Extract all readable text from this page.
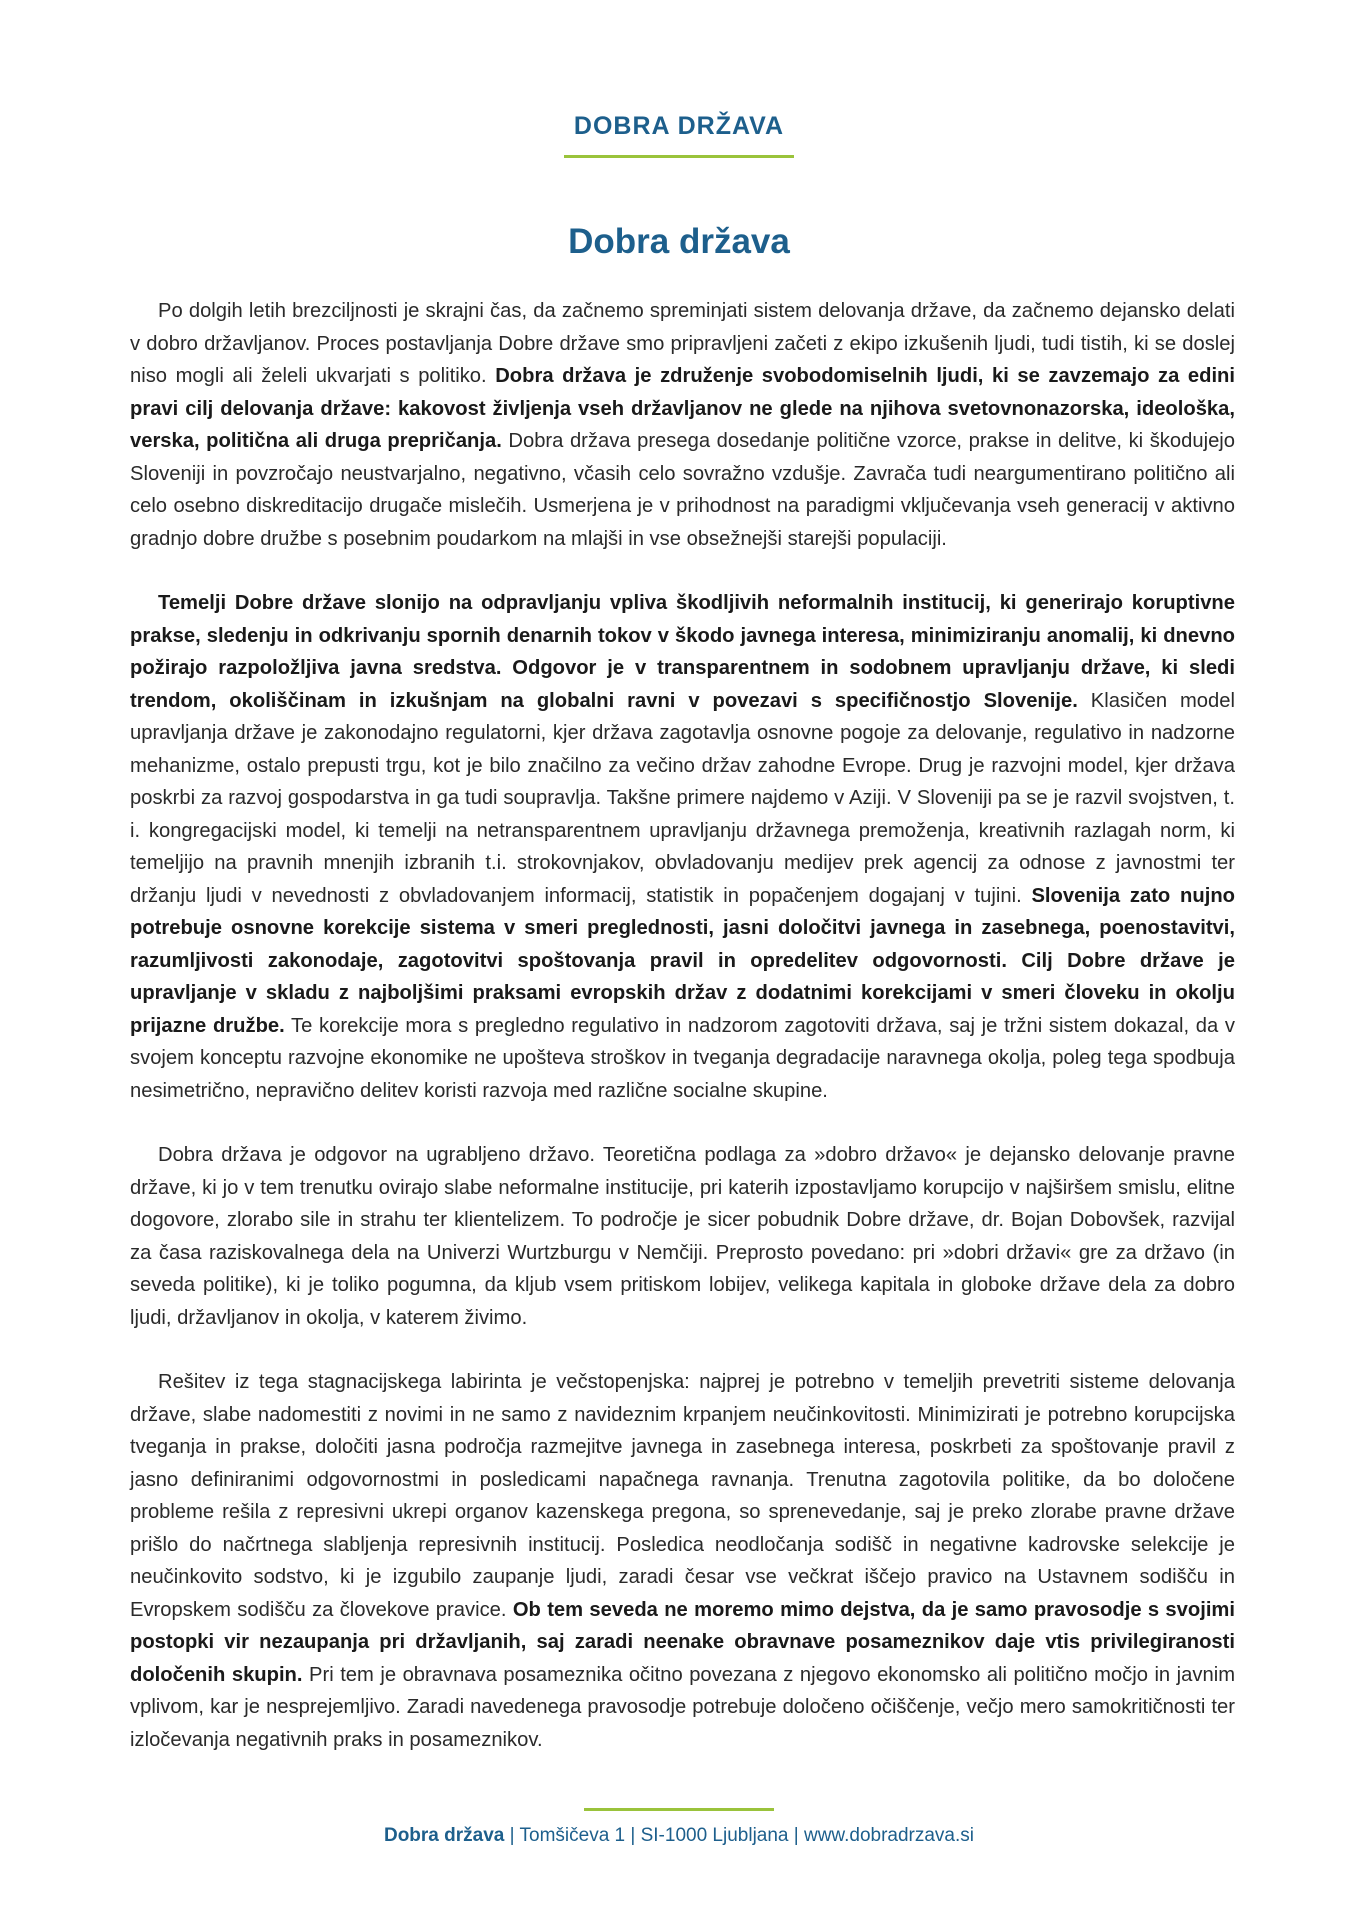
DOBRA DRŽAVA
Dobra država

Po dolgih letih brezciljnosti je skrajni čas, da začnemo spreminjati sistem delovanja države, da začnemo dejansko delati v dobro državljanov. Proces postavljanja Dobre države smo pripravljeni začeti z ekipo izkušenih ljudi, tudi tistih, ki se doslej niso mogli ali želeli ukvarjati s politiko. Dobra država je združenje svobodomiselnih ljudi, ki se zavzemajo za edini pravi cilj delovanja države: kakovost življenja vseh državljanov ne glede na njihova svetovnonazorska, ideološka, verska, politična ali druga prepričanja. Dobra država presega dosedanje politične vzorce, prakse in delitve, ki škodujejo Sloveniji in povzročajo neustvarjalno, negativno, včasih celo sovražno vzdušje. Zavrača tudi neargumentirano politično ali celo osebno diskreditacijo drugače mislečih. Usmerjena je v prihodnost na paradigmi vključevanja vseh generacij v aktivno gradnjo dobre družbe s posebnim poudarkom na mlajši in vse obsežnejši starejši populaciji.

Temelji Dobre države slonijo na odpravljanju vpliva škodljivih neformalnih institucij, ki generirajo koruptivne prakse, sledenju in odkrivanju spornih denarnih tokov v škodo javnega interesa, minimiziranju anomalij, ki dnevno požirajo razpoložljiva javna sredstva. Odgovor je v transparentnem in sodobnem upravljanju države, ki sledi trendom, okoliščinam in izkušnjam na globalni ravni v povezavi s specifičnostjo Slovenije. Klasičen model upravljanja države je zakonodajno regulatorni, kjer država zagotavlja osnovne pogoje za delovanje, regulativo in nadzorne mehanizme, ostalo prepusti trgu, kot je bilo značilno za večino držav zahodne Evrope. Drug je razvojni model, kjer država poskrbi za razvoj gospodarstva in ga tudi soupravlja. Takšne primere najdemo v Aziji. V Sloveniji pa se je razvil svojstven, t. i. kongregacijski model, ki temelji na netransparentnem upravljanju državnega premoženja, kreativnih razlagah norm, ki temeljijo na pravnih mnenjih izbranih t.i. strokovnjakov, obvladovanju medijev prek agencij za odnose z javnostmi ter držanju ljudi v nevednosti z obvladovanjem informacij, statistik in popačenjem dogajanj v tujini. Slovenija zato nujno potrebuje osnovne korekcije sistema v smeri preglednosti, jasni določitvi javnega in zasebnega, poenostavitvi, razumljivosti zakonodaje, zagotovitvi spoštovanja pravil in opredelitev odgovornosti. Cilj Dobre države je upravljanje v skladu z najboljšimi praksami evropskih držav z dodatnimi korekcijami v smeri človeku in okolju prijazne družbe. Te korekcije mora s pregledno regulativo in nadzorom zagotoviti država, saj je tržni sistem dokazal, da v svojem konceptu razvojne ekonomike ne upošteva stroškov in tveganja degradacije naravnega okolja, poleg tega spodbuja nesimetrično, nepravično delitev koristi razvoja med različne socialne skupine.

Dobra država je odgovor na ugrabljeno državo. Teoretična podlaga za »dobro državo« je dejansko delovanje pravne države, ki jo v tem trenutku ovirajo slabe neformalne institucije, pri katerih izpostavljamo korupcijo v najširšem smislu, elitne dogovore, zlorabo sile in strahu ter klientelizem. To področje je sicer pobudnik Dobre države, dr. Bojan Dobovšek, razvijal za časa raziskovalnega dela na Univerzi Wurtzburgu v Nemčiji. Preprosto povedano: pri »dobri državi« gre za državo (in seveda politike), ki je toliko pogumna, da kljub vsem pritiskom lobijev, velikega kapitala in globoke države dela za dobro ljudi, državljanov in okolja, v katerem živimo.

Rešitev iz tega stagnacijskega labirinta je večstopenjska: najprej je potrebno v temeljih prevetriti sisteme delovanja države, slabe nadomestiti z novimi in ne samo z navideznim krpanjem neučinkovitosti. Minimizirati je potrebno korupcijska tveganja in prakse, določiti jasna področja razmejitve javnega in zasebnega interesa, poskrbeti za spoštovanje pravil z jasno definiranimi odgovornostmi in posledicami napačnega ravnanja. Trenutna zagotovila politike, da bo določene probleme rešila z represivni ukrepi organov kazenskega pregona, so sprenevedanje, saj je preko zlorabe pravne države prišlo do načrtnega slabljenja represivnih institucij. Posledica neodločanja sodišč in negativne kadrovske selekcije je neučinkovito sodstvo, ki je izgubilo zaupanje ljudi, zaradi česar vse večkrat iščejo pravico na Ustavnem sodišču in Evropskem sodišču za človekove pravice. Ob tem seveda ne moremo mimo dejstva, da je samo pravosodje s svojimi postopki vir nezaupanja pri državljanih, saj zaradi neenake obravnave posameznikov daje vtis privilegiranosti določenih skupin. Pri tem je obravnava posameznika očitno povezana z njegovo ekonomsko ali politično močjo in javnim vplivom, kar je nesprejemljivo. Zaradi navedenega pravosodje potrebuje določeno očiščenje, večjo mero samokritičnosti ter izločevanja negativnih praks in posameznikov.

Dobra država | Tomšičeva 1 | SI-1000 Ljubljana | www.dobradrzava.si
